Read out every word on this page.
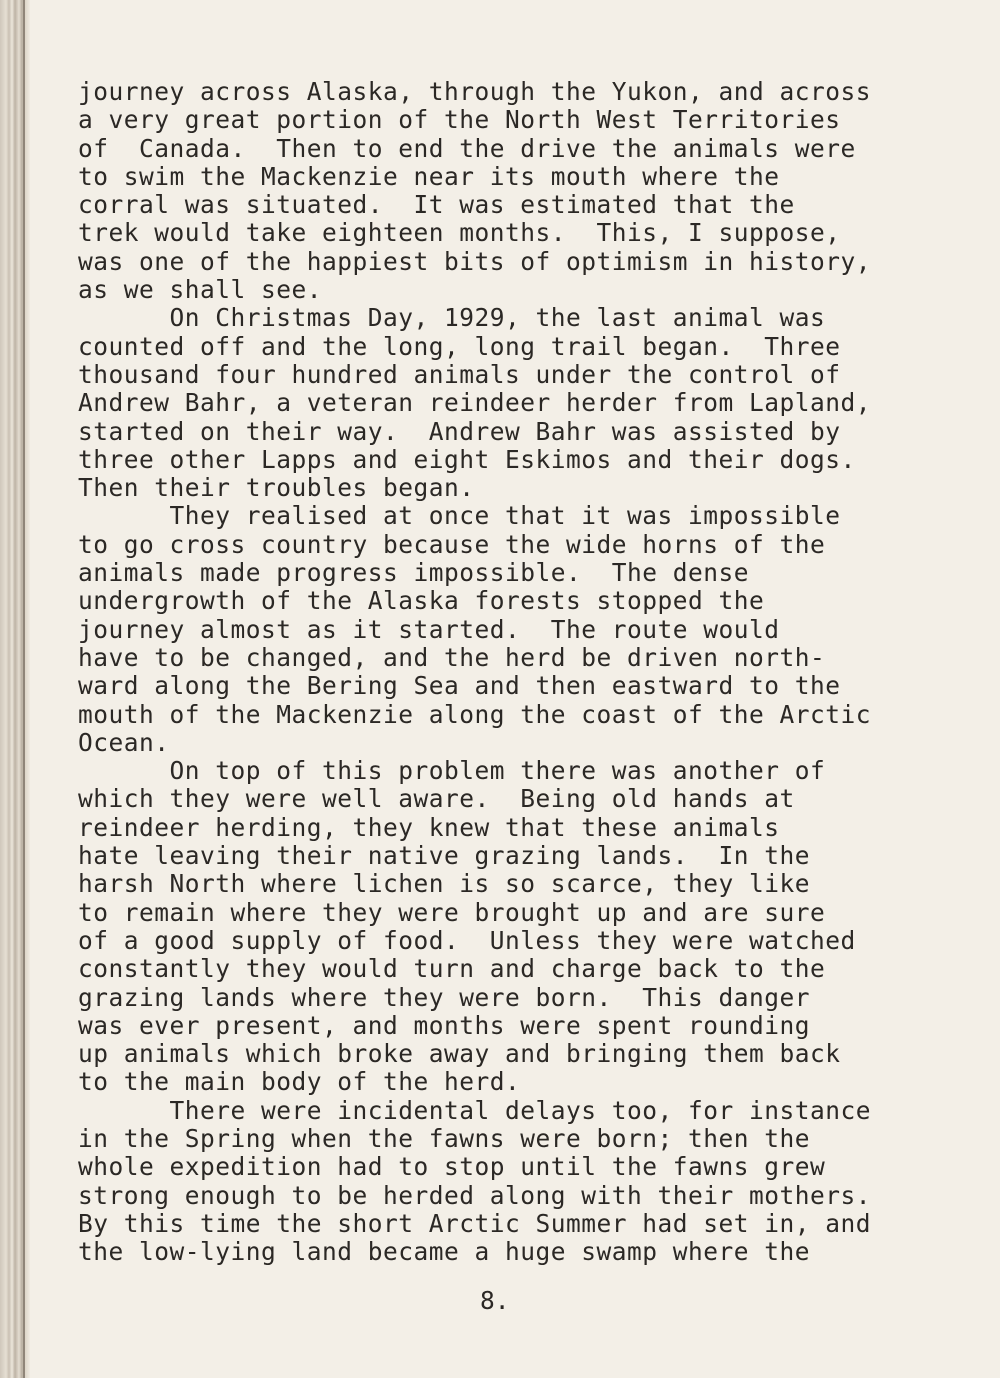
journey across Alaska, through the Yukon, and across
a very great portion of the North West Territories
of  Canada.  Then to end the drive the animals were
to swim the Mackenzie near its mouth where the
corral was situated.  It was estimated that the
trek would take eighteen months.  This, I suppose,
was one of the happiest bits of optimism in history,
as we shall see.
On Christmas Day, 1929, the last animal was
counted off and the long, long trail began.  Three
thousand four hundred animals under the control of
Andrew Bahr, a veteran reindeer herder from Lapland,
started on their way.  Andrew Bahr was assisted by
three other Lapps and eight Eskimos and their dogs.
Then their troubles began.
They realised at once that it was impossible
to go cross country because the wide horns of the
animals made progress impossible.  The dense
undergrowth of the Alaska forests stopped the
journey almost as it started.  The route would
have to be changed, and the herd be driven north-
ward along the Bering Sea and then eastward to the
mouth of the Mackenzie along the coast of the Arctic
Ocean.
On top of this problem there was another of
which they were well aware.  Being old hands at
reindeer herding, they knew that these animals
hate leaving their native grazing lands.  In the
harsh North where lichen is so scarce, they like
to remain where they were brought up and are sure
of a good supply of food.  Unless they were watched
constantly they would turn and charge back to the
grazing lands where they were born.  This danger
was ever present, and months were spent rounding
up animals which broke away and bringing them back
to the main body of the herd.
There were incidental delays too, for instance
in the Spring when the fawns were born; then the
whole expedition had to stop until the fawns grew
strong enough to be herded along with their mothers.
By this time the short Arctic Summer had set in, and
the low-lying land became a huge swamp where the
8.
